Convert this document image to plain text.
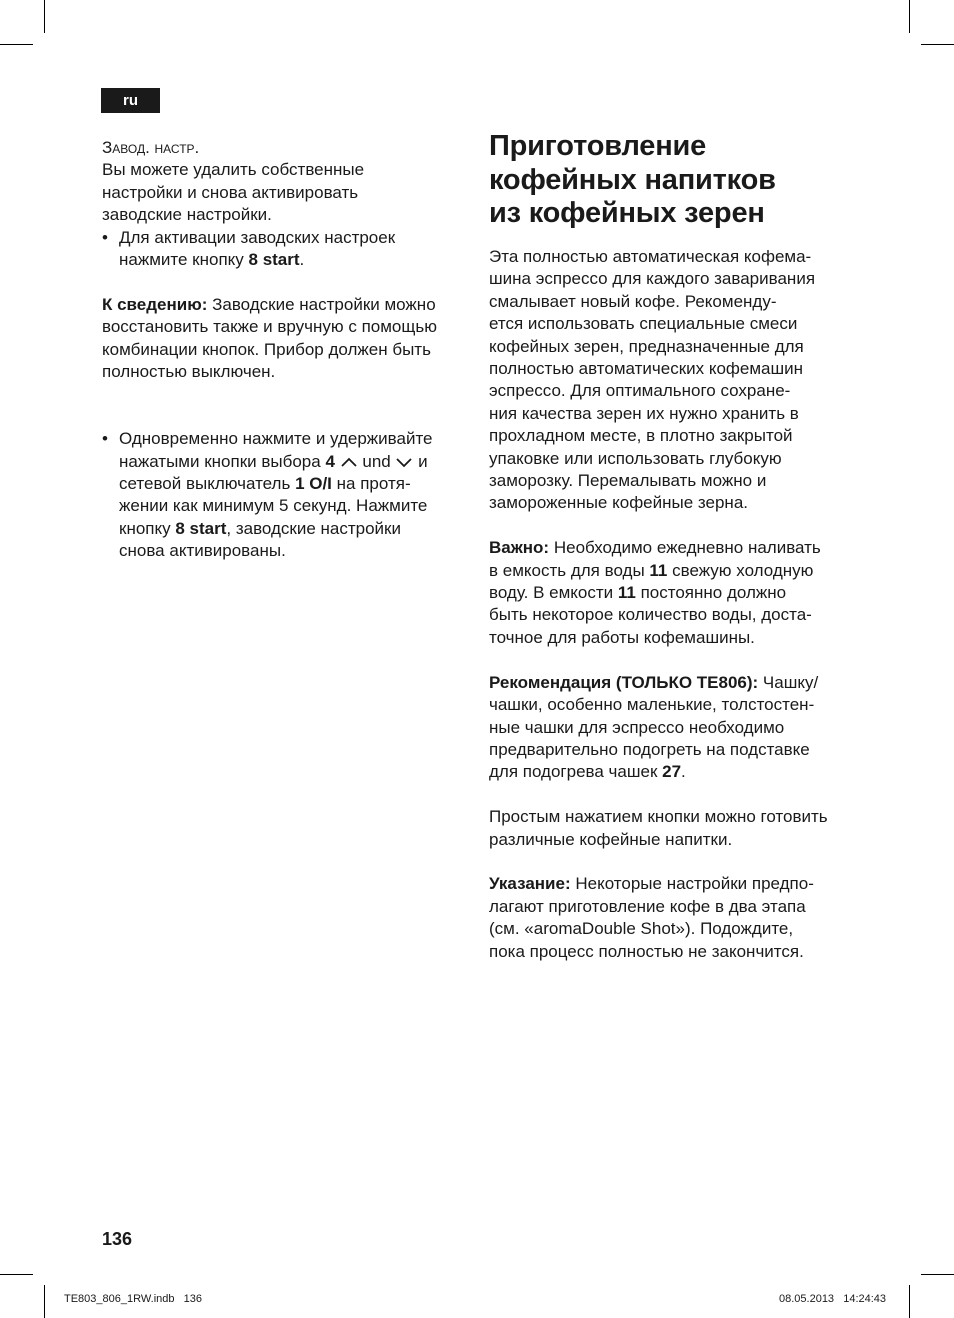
ru

Завод. настр.

Вы можете удалить собственные

настройки и снова активировать

заводские настройки.

• Для активации заводских настроек

нажмите кнопку 8 start.

К сведению: Заводские настройки можно

восстановить также и вручную с помощью

комбинации кнопок. Прибор должен быть

полностью выключен.

• Одновременно нажмите и удерживайте

нажатыми кнопки выбора 4  und  и

сетевой выключатель 1 O/I на протя-

жении как минимум 5 секунд. Нажмите

кнопку 8 start, заводские настройки

снова активированы.

Приготовление
кофейных напитков
из кофейных зерен

Эта полностью автоматическая кофема-

шина эспрессо для каждого заваривания

смалывает новый кофе. Рекоменду-

ется использовать специальные смеси

кофейных зерен, предназначенные для

полностью автоматических кофемашин

эспрессо. Для оптимального сохране-

ния качества зерен их нужно хранить в

прохладном месте, в плотно закрытой

упаковке или использовать глубокую

заморозку. Перемалывать можно и

замороженные кофейные зерна.

Важно: Необходимо ежедневно наливать

в емкость для воды 11 свежую холодную

воду. В емкости 11 постоянно должно

быть некоторое количество воды, доста-

точное для работы кофемашины.

Рекомендация (ТОЛЬКО TE806): Чашку/

чашки, особенно маленькие, толстостен-

ные чашки для эспрессо необходимо

предварительно подогреть на подставке

для подогрева чашек 27.

Простым нажатием кнопки можно готовить

различные кофейные напитки.

Указание: Некоторые настройки предпо-

лагают приготовление кофе в два этапа

(см. «aromaDouble Shot»). Подождите,

пока процесс полностью не закончится.

136
TE803_806_1RW.indb   136	08.05.2013   14:24:43
